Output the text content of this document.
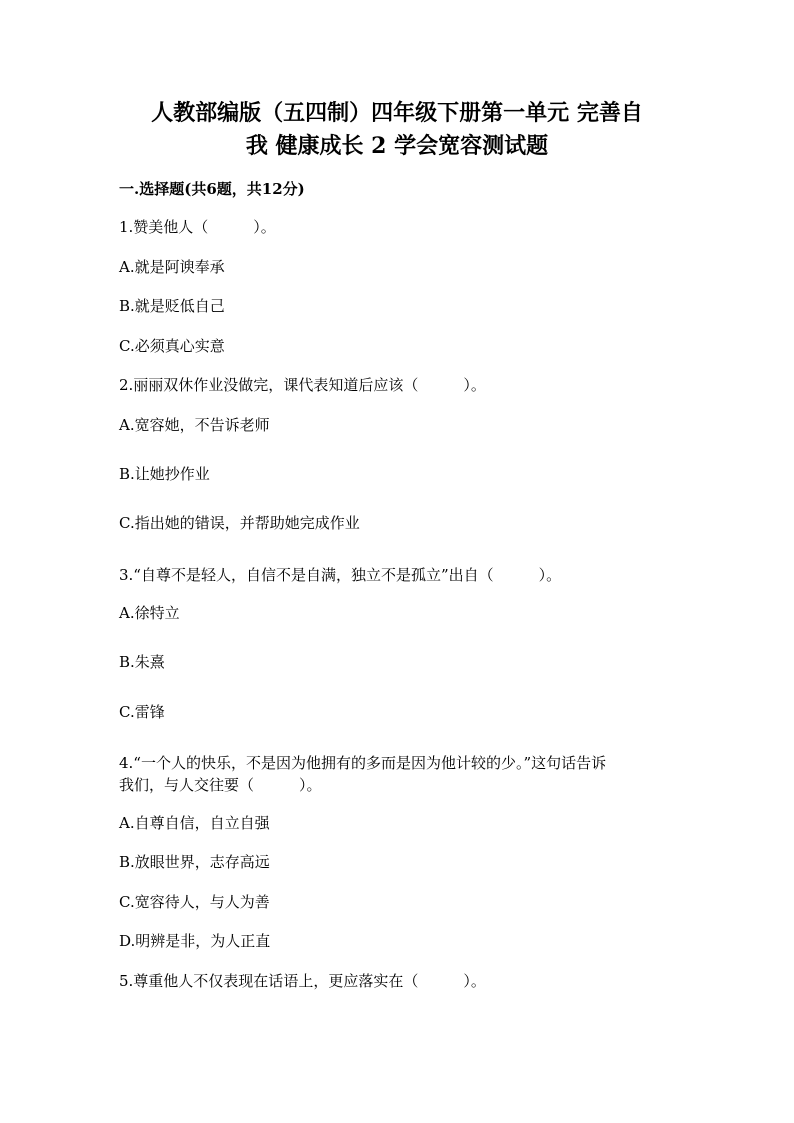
人教部编版（五四制）四年级下册第一单元 完善自
我 健康成长 2 学会宽容测试题
一.选择题(共6题，共12分)
1.赞美他人（　　　）。
A.就是阿谀奉承
B.就是贬低自己
C.必须真心实意
2.丽丽双休作业没做完，课代表知道后应该（　　　）。
A.宽容她，不告诉老师
B.让她抄作业
C.指出她的错误，并帮助她完成作业
3.“自尊不是轻人，自信不是自满，独立不是孤立”出自（　　　）。
A.徐特立
B.朱熹
C.雷锋
4.“一个人的快乐，不是因为他拥有的多而是因为他计较的少。”这句话告诉
我们，与人交往要（　　　）。
A.自尊自信，自立自强
B.放眼世界，志存高远
C.宽容待人，与人为善
D.明辨是非，为人正直
5.尊重他人不仅表现在话语上，更应落实在（　　　）。
